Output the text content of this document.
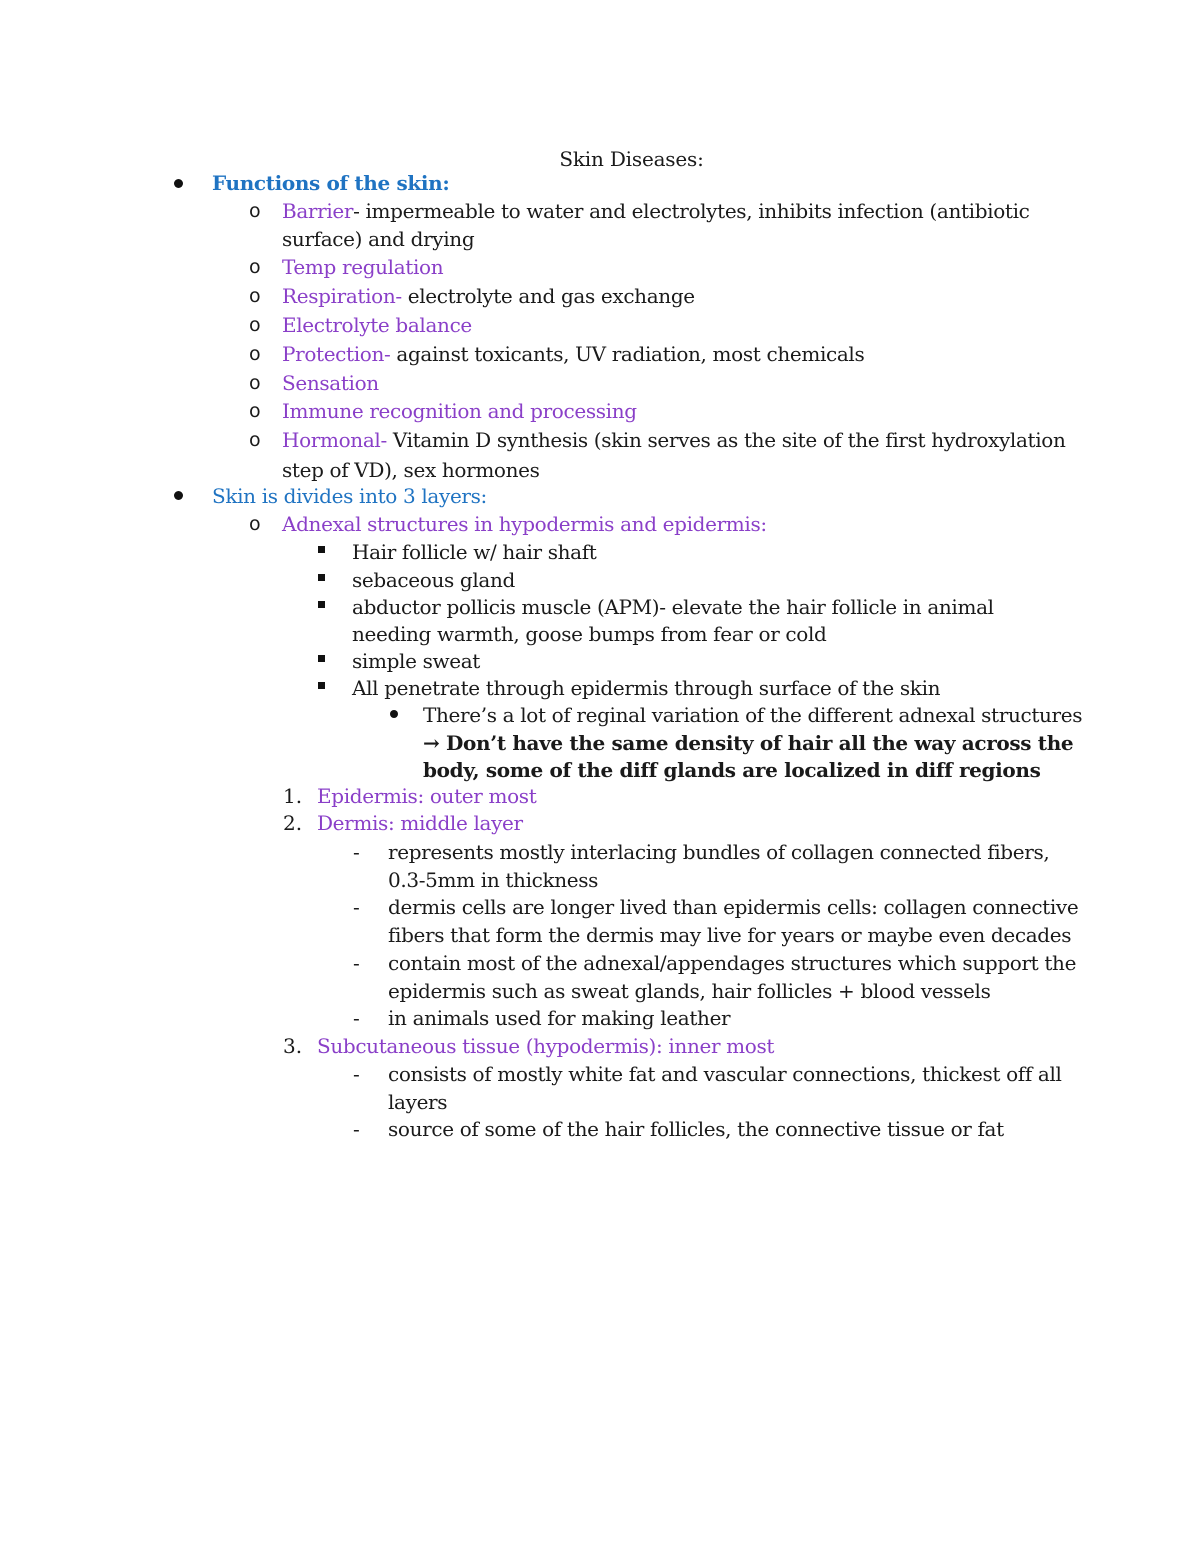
Skin Diseases:
Functions of the skin:
o Barrier- impermeable to water and electrolytes, inhibits infection (antibiotic
surface) and drying
o Temp regulation
o Respiration- electrolyte and gas exchange
o Electrolyte balance
o Protection- against toxicants, UV radiation, most chemicals
o Sensation
o Immune recognition and processing
o Hormonal- Vitamin D synthesis (skin serves as the site of the first hydroxylation
step of VD), sex hormones
Skin is divides into 3 layers:
o Adnexal structures in hypodermis and epidermis:
Hair follicle w/ hair shaft
sebaceous gland
abductor pollicis muscle (APM)- elevate the hair follicle in animal
needing warmth, goose bumps from fear or cold
simple sweat
All penetrate through epidermis through surface of the skin
There’s a lot of reginal variation of the different adnexal structures
→ Don’t have the same density of hair all the way across the
body, some of the diff glands are localized in diff regions
1. Epidermis: outer most
2. Dermis: middle layer
- represents mostly interlacing bundles of collagen connected fibers,
0.3-5mm in thickness
- dermis cells are longer lived than epidermis cells: collagen connective
fibers that form the dermis may live for years or maybe even decades
- contain most of the adnexal/appendages structures which support the
epidermis such as sweat glands, hair follicles + blood vessels
- in animals used for making leather
3. Subcutaneous tissue (hypodermis): inner most
- consists of mostly white fat and vascular connections, thickest off all
layers
- source of some of the hair follicles, the connective tissue or fat
